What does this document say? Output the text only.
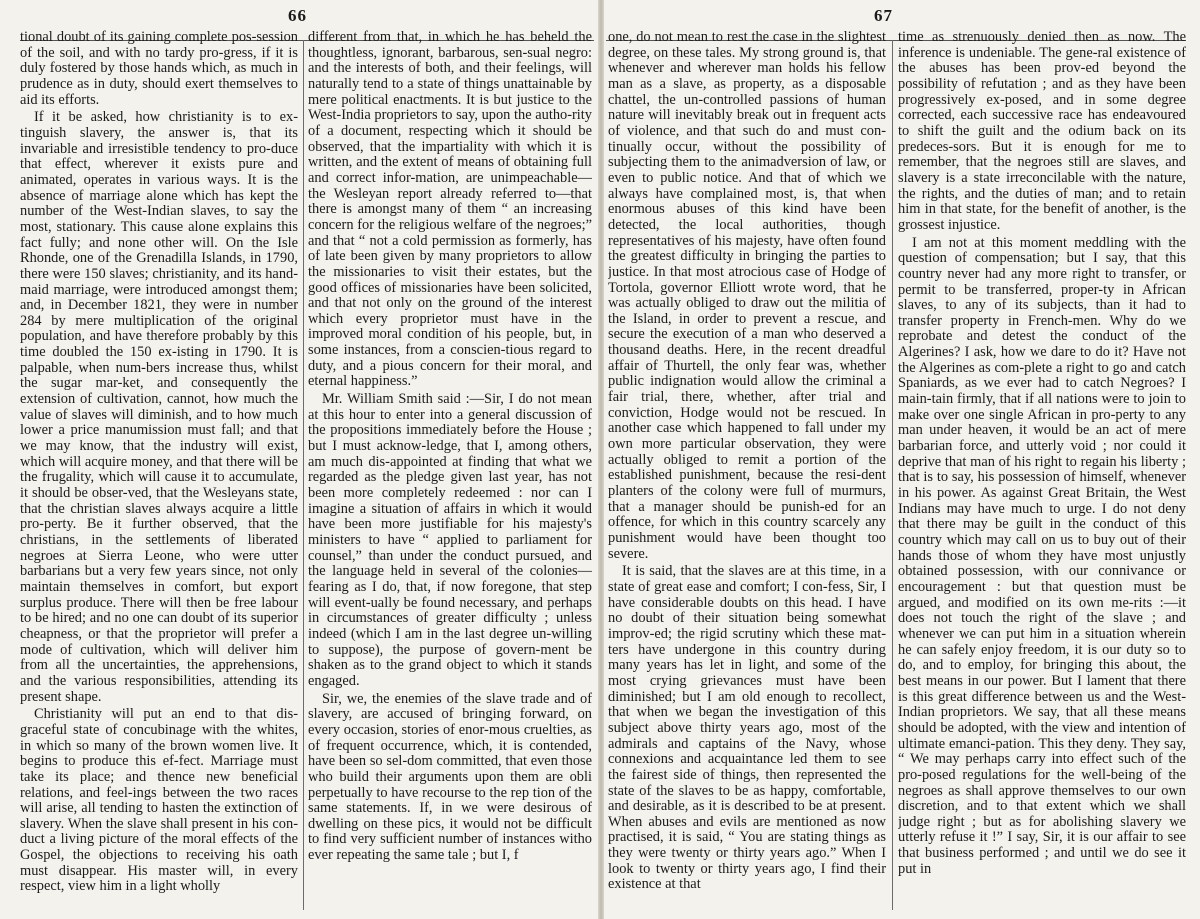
66	67

tional doubt of its gaining complete pos-session of the soil, and with no tardy pro-gress, if it is duly fostered by those hands which, as much in prudence as in duty, should exert themselves to aid its efforts.

If it be asked, how christianity is to ex-tinguish slavery, the answer is, that its invariable and irresistible tendency to pro-duce that effect, wherever it exists pure and animated, operates in various ways. It is the absence of marriage alone which has kept the number of the West-Indian slaves, to say the most, stationary. This cause alone explains this fact fully; and none other will. On the Isle Rhonde, one of the Grenadilla Islands, in 1790, there were 150 slaves; christianity, and its hand-maid marriage, were introduced amongst them; and, in December 1821, they were in number 284 by mere multiplication of the original population, and have therefore probably by this time doubled the 150 ex-isting in 1790. It is palpable, when num-bers increase thus, whilst the sugar mar-ket, and consequently the extension of cultivation, cannot, how much the value of slaves will diminish, and to how much lower a price manumission must fall; and that we may know, that the industry will exist, which will acquire money, and that there will be the frugality, which will cause it to accumulate, it should be obser-ved, that the Wesleyans state, that the christian slaves always acquire a little pro-perty. Be it further observed, that the christians, in the settlements of liberated negroes at Sierra Leone, who were utter barbarians but a very few years since, not only maintain themselves in comfort, but export surplus produce. There will then be free labour to be hired; and no one can doubt of its superior cheapness, or that the proprietor will prefer a mode of cultivation, which will deliver him from all the uncertainties, the apprehensions, and the various responsibilities, attending its present shape.

Christianity will put an end to that dis-graceful state of concubinage with the whites, in which so many of the brown women live. It begins to produce this ef-fect. Marriage must take its place; and thence new beneficial relations, and feel-ings between the two races will arise, all tending to hasten the extinction of slavery. When the slave shall present in his con-duct a living picture of the moral effects of the Gospel, the objections to receiving his oath must disappear. His master will, in every respect, view him in a light wholly

different from that, in which he has beheld the thoughtless, ignorant, barbarous, sen-sual negro: and the interests of both, and their feelings, will naturally tend to a state of things unattainable by mere political enactments. It is but justice to the West-India proprietors to say, upon the autho-rity of a document, respecting which it should be observed, that the impartiality with which it is written, and the extent of means of obtaining full and correct infor-mation, are unimpeachable—the Wesleyan report already referred to—that there is amongst many of them “ an increasing concern for the religious welfare of the negroes;” and that “ not a cold permission as formerly, has of late been given by many proprietors to allow the missionaries to visit their estates, but the good offices of missionaries have been solicited, and that not only on the ground of the interest which every proprietor must have in the improved moral condition of his people, but, in some instances, from a conscien-tious regard to duty, and a pious concern for their moral, and eternal happiness.”

Mr. William Smith said :—Sir, I do not mean at this hour to enter into a general discussion of the propositions immediately before the House ; but I must acknow-ledge, that I, among others, am much dis-appointed at finding that what we regarded as the pledge given last year, has not been more completely redeemed : nor can I imagine a situation of affairs in which it would have been more justifiable for his majesty's ministers to have “ applied to parliament for counsel,” than under the conduct pursued, and the language held in several of the colonies—fearing as I do, that, if now foregone, that step will event-ually be found necessary, and perhaps in circumstances of greater difficulty ; unless indeed (which I am in the last degree un-willing to suppose), the purpose of govern-ment be shaken as to the grand object to which it stands engaged.

Sir, we, the enemies of the slave trade and of slavery, are accused of bringing forward, on every occasion, stories of enor-mous cruelties, as of frequent occurrence, which, it is contended, have been so sel-dom committed, that even those who build their arguments upon them are obli perpetually to have recourse to the rep tion of the same statements. If, in we were desirous of dwelling on these pics, it would not be difficult to find very sufficient number of instances witho ever repeating the same tale ; but I, f

one, do not mean to rest the case in the slightest degree, on these tales. My strong ground is, that whenever and wherever man holds his fellow man as a slave, as property, as a disposable chattel, the un-controlled passions of human nature will inevitably break out in frequent acts of violence, and that such do and must con-tinually occur, without the possibility of subjecting them to the animadversion of law, or even to public notice. And that of which we always have complained most, is, that when enormous abuses of this kind have been detected, the local authorities, though representatives of his majesty, have often found the greatest difficulty in bringing the parties to justice. In that most atrocious case of Hodge of Tortola, governor Elliott wrote word, that he was actually obliged to draw out the militia of the Island, in order to prevent a rescue, and secure the execution of a man who deserved a thousand deaths. Here, in the recent dreadful affair of Thurtell, the only fear was, whether public indignation would allow the criminal a fair trial, there, whether, after trial and conviction, Hodge would not be rescued. In another case which happened to fall under my own more particular observation, they were actually obliged to remit a portion of the established punishment, because the resi-dent planters of the colony were full of murmurs, that a manager should be punish-ed for an offence, for which in this country scarcely any punishment would have been thought too severe.

It is said, that the slaves are at this time, in a state of great ease and comfort; I con-fess, Sir, I have considerable doubts on this head. I have no doubt of their situation being somewhat improv-ed; the rigid scrutiny which these mat-ters have undergone in this country during many years has let in light, and some of the most crying grievances must have been diminished; but I am old enough to recollect, that when we began the investigation of this subject above thirty years ago, most of the admirals and captains of the Navy, whose connexions and acquaintance led them to see the fairest side of things, then represented the state of the slaves to be as happy, comfortable, and desirable, as it is described to be at present. When abuses and evils are mentioned as now practised, it is said, “ You are stating things as they were twenty or thirty years ago.” When I look to twenty or thirty years ago, I find their existence at that

time as strenuously denied then as now. The inference is undeniable. The gene-ral existence of the abuses has been prov-ed beyond the possibility of refutation ; and as they have been progressively ex-posed, and in some degree corrected, each successive race has endeavoured to shift the guilt and the odium back on its predeces-sors. But it is enough for me to remember, that the negroes still are slaves, and slavery is a state irreconcilable with the nature, the rights, and the duties of man; and to retain him in that state, for the benefit of another, is the grossest injustice.

I am not at this moment meddling with the question of compensation; but I say, that this country never had any more right to transfer, or permit to be transferred, proper-ty in African slaves, to any of its subjects, than it had to transfer property in French-men. Why do we reprobate and detest the conduct of the Algerines? I ask, how we dare to do it? Have not the Algerines as com-plete a right to go and catch Spaniards, as we ever had to catch Negroes? I main-tain firmly, that if all nations were to join to make over one single African in pro-perty to any man under heaven, it would be an act of mere barbarian force, and utterly void ; nor could it deprive that man of his right to regain his liberty ; that is to say, his possession of himself, whenever in his power. As against Great Britain, the West Indians may have much to urge. I do not deny that there may be guilt in the conduct of this country which may call on us to buy out of their hands those of whom they have most unjustly obtained possession, with our connivance or encouragement : but that question must be argued, and modified on its own me-rits :—it does not touch the right of the slave ; and whenever we can put him in a situation wherein he can safely enjoy freedom, it is our duty so to do, and to employ, for bringing this about, the best means in our power. But I lament that there is this great difference between us and the West-Indian proprietors. We say, that all these means should be adopted, with the view and intention of ultimate emanci-pation. This they deny. They say, “ We may perhaps carry into effect such of the pro-posed regulations for the well-being of the negroes as shall approve themselves to our own discretion, and to that extent which we shall judge right ; but as for abolishing slavery we utterly refuse it !” I say, Sir, it is our affair to see that business performed ; and until we do see it put in
